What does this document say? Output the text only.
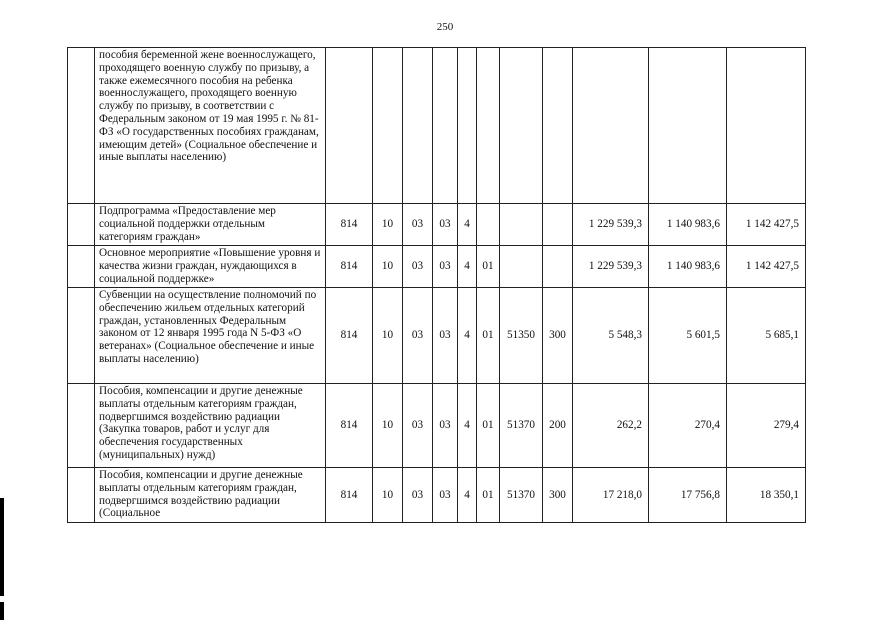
250
	пособия беременной жене военнослужащего, проходящего военную службу по призыву, а также ежемесячного пособия на ребенка военнослужащего, проходящего военную службу по призыву, в соответствии с Федеральным законом от 19 мая 1995 г. № 81-ФЗ «О государственных пособиях гражданам, имеющим детей» (Социальное обеспечение и иные выплаты населению)											
	Подпрограмма «Предоставление мер социальной поддержки отдельным категориям граждан»	814	10	03	03	4				1 229 539,3	1 140 983,6	1 142 427,5
	Основное мероприятие «Повышение уровня и качества жизни граждан, нуждающихся в социальной поддержке»	814	10	03	03	4	01			1 229 539,3	1 140 983,6	1 142 427,5
	Субвенции на осуществление полномочий по обеспечению жильем отдельных категорий граждан, установленных Федеральным законом от 12 января 1995 года N 5-ФЗ «О ветеранах» (Социальное обеспечение и иные выплаты населению)	814	10	03	03	4	01	51350	300	5 548,3	5 601,5	5 685,1
	Пособия, компенсации и другие денежные выплаты отдельным категориям граждан, подвергшимся воздействию радиации (Закупка товаров, работ и услуг для обеспечения государственных (муниципальных) нужд)	814	10	03	03	4	01	51370	200	262,2	270,4	279,4
	Пособия, компенсации и другие денежные выплаты отдельным категориям граждан, подвергшимся воздействию радиации (Социальное	814	10	03	03	4	01	51370	300	17 218,0	17 756,8	18 350,1
